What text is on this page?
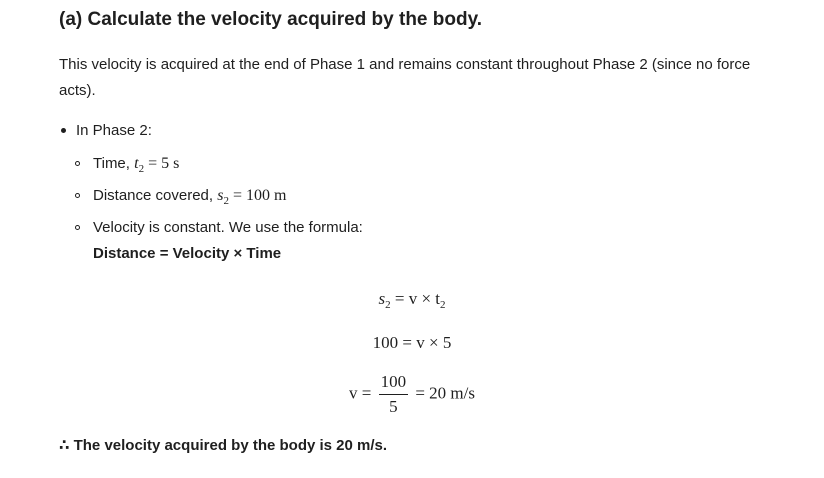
(a) Calculate the velocity acquired by the body.

This velocity is acquired at the end of Phase 1 and remains constant throughout Phase 2 (since no force acts).

In Phase 2:
Time, $t_2 = 5$ s
Distance covered, $s_2 = 100$ m
Velocity is constant. We use the formula:
Distance = Velocity × Time
$s_2 = v \times t_2$
100 = v × 5
$v = \frac{100}{5} = 20$ m/s
∴ The velocity acquired by the body is 20 m/s.
